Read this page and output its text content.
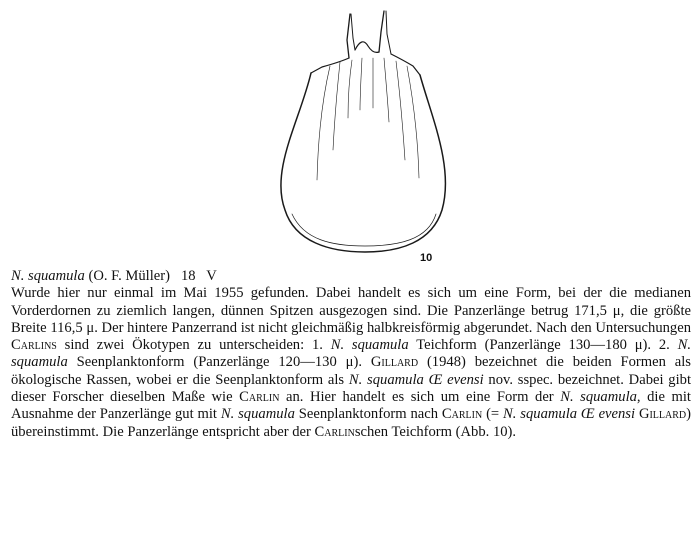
10
N. squamula (O. F. Müller) 18 V

Wurde hier nur einmal im Mai 1955 gefunden. Dabei handelt es sich um eine Form, bei der die medianen Vorderdornen zu ziemlich langen, dünnen Spitzen ausgezogen sind. Die Panzerlänge betrug 171,5 μ, die größte Breite 116,5 μ. Der hintere Panzerrand ist nicht gleichmäßig halbkreisförmig abgerundet. Nach den Untersuchungen Carlins sind zwei Ökotypen zu unterscheiden: 1. N. squamula Teichform (Panzerlänge 130—180 μ). 2. N. squamula Seenplanktonform (Panzerlänge 120—130 μ). Gillard (1948) bezeichnet die beiden Formen als ökologische Rassen, wobei er die Seenplanktonform als N. squamula Œ evensi nov. sspec. bezeichnet. Dabei gibt dieser Forscher dieselben Maße wie Carlin an. Hier handelt es sich um eine Form der N. squamula, die mit Ausnahme der Panzerlänge gut mit N. squamula Seenplanktonform nach Carlin (= N. squamula Œ evensi Gillard) übereinstimmt. Die Panzerlänge entspricht aber der Carlinschen Teichform (Abb. 10).
